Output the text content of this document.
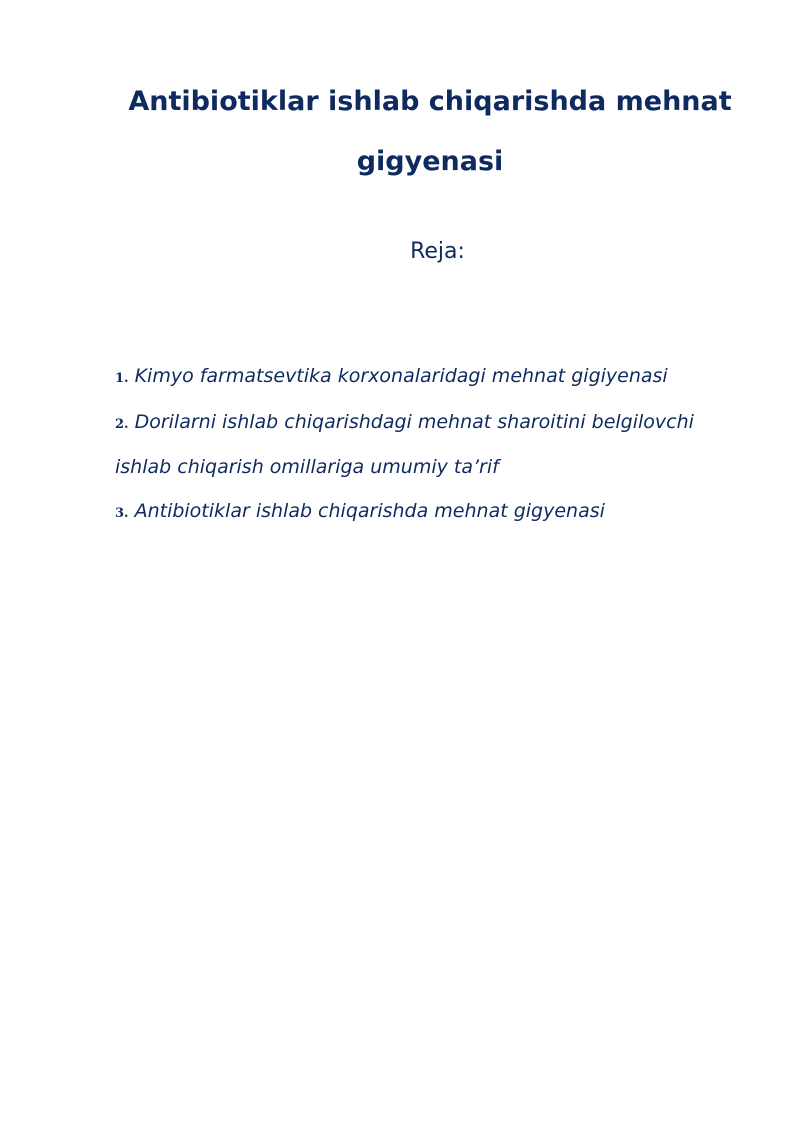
Antibiotiklar ishlab chiqarishda mehnat gigyenasi

Reja:

1. Kimyo farmatsevtika korxonalaridagi mehnat gigiyenasi
2. Dorilarni ishlab chiqarishdagi mehnat sharoitini belgilovchi ishlab chiqarish omillariga umumiy ta’rif
3. Antibiotiklar ishlab chiqarishda mehnat gigyenasi
